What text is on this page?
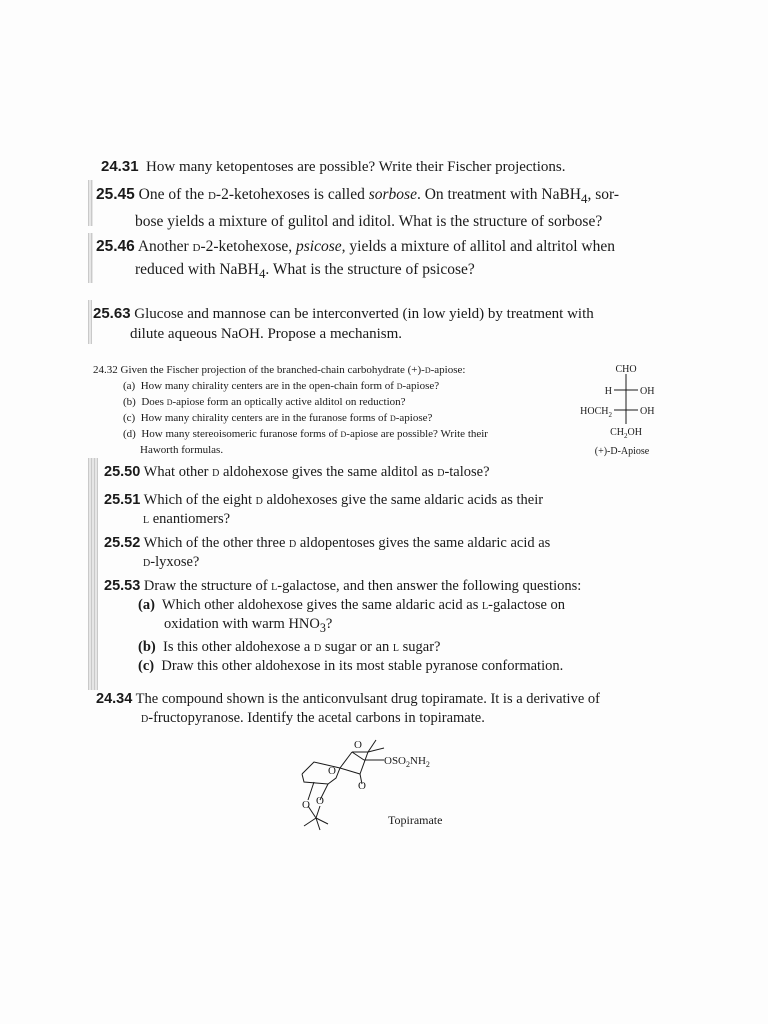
24.31 How many ketopentoses are possible? Write their Fischer projections.
25.45 One of the d-2-ketohexoses is called sorbose. On treatment with NaBH$_4$, sor-
bose yields a mixture of gulitol and iditol. What is the structure of sorbose?
25.46 Another d-2-ketohexose, psicose, yields a mixture of allitol and altritol when
reduced with NaBH$_4$. What is the structure of psicose?
25.63 Glucose and mannose can be interconverted (in low yield) by treatment with
dilute aqueous NaOH. Propose a mechanism.
24.32 Given the Fischer projection of the branched-chain carbohydrate (+)-d-apiose:
(a) How many chirality centers are in the open-chain form of d-apiose?
(b) Does d-apiose form an optically active alditol on reduction?
(c) How many chirality centers are in the furanose forms of d-apiose?
(d) How many stereoisomeric furanose forms of d-apiose are possible? Write their
Haworth formulas.
CHO
H	OH
$HOCH_2$	OH
$CH_2OH$
(+)-D-Apiose
25.50 What other d aldohexose gives the same alditol as d-talose?
25.51 Which of the eight d aldohexoses give the same aldaric acids as their
l enantiomers?
25.52 Which of the other three d aldopentoses gives the same aldaric acid as
d-lyxose?
25.53 Draw the structure of l-galactose, and then answer the following questions:
(a) Which other aldohexose gives the same aldaric acid as l-galactose on
oxidation with warm $HNO_3$?
(b) Is this other aldohexose a d sugar or an l sugar?
(c) Draw this other aldohexose in its most stable pyranose conformation.
24.34 The compound shown is the anticonvulsant drug topiramate. It is a derivative of
d-fructopyranose. Identify the acetal carbons in topiramate.
O
O
O
O O
$OSO_2NH_2$
Topiramate
